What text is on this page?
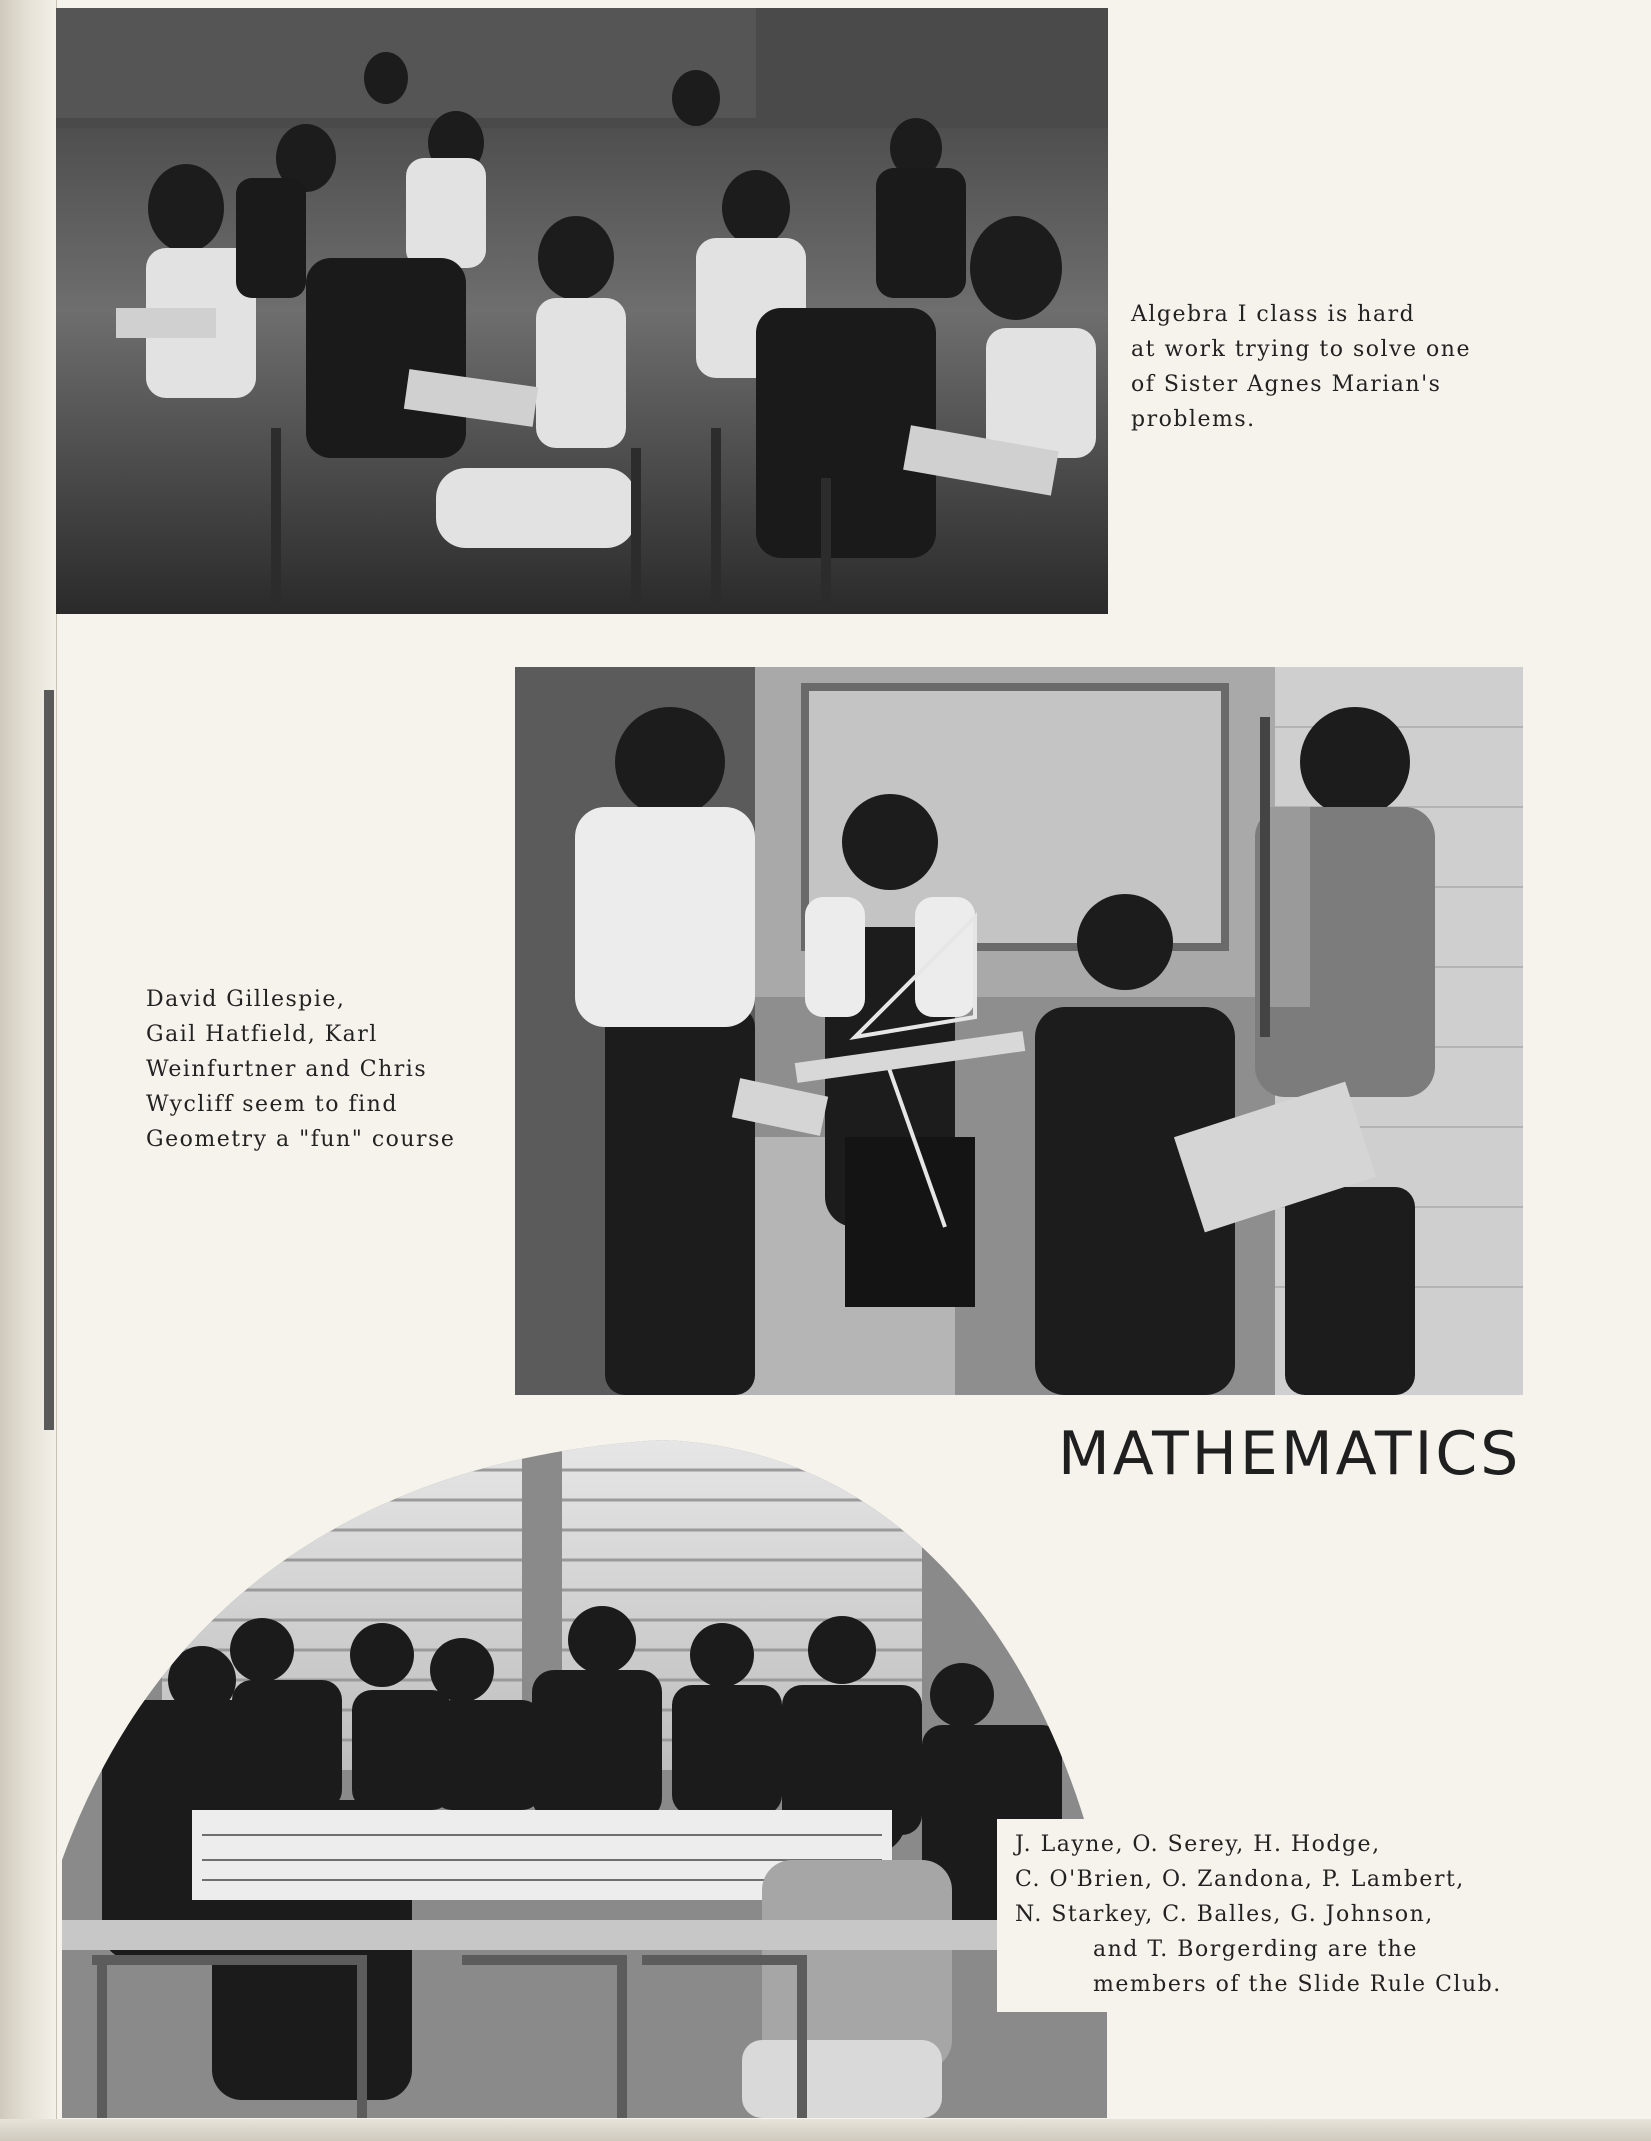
Algebra I class is hard
at work trying to solve one
of Sister Agnes Marian's
problems.
David Gillespie,
Gail Hatfield, Karl
Weinfurtner and Chris
Wycliff seem to find
Geometry a "fun" course
MATHEMATICS
J. Layne, O. Serey, H. Hodge,
C. O'Brien, O. Zandona, P. Lambert,
N. Starkey, C. Balles, G. Johnson,
and T. Borgerding are the
members of the Slide Rule Club.
